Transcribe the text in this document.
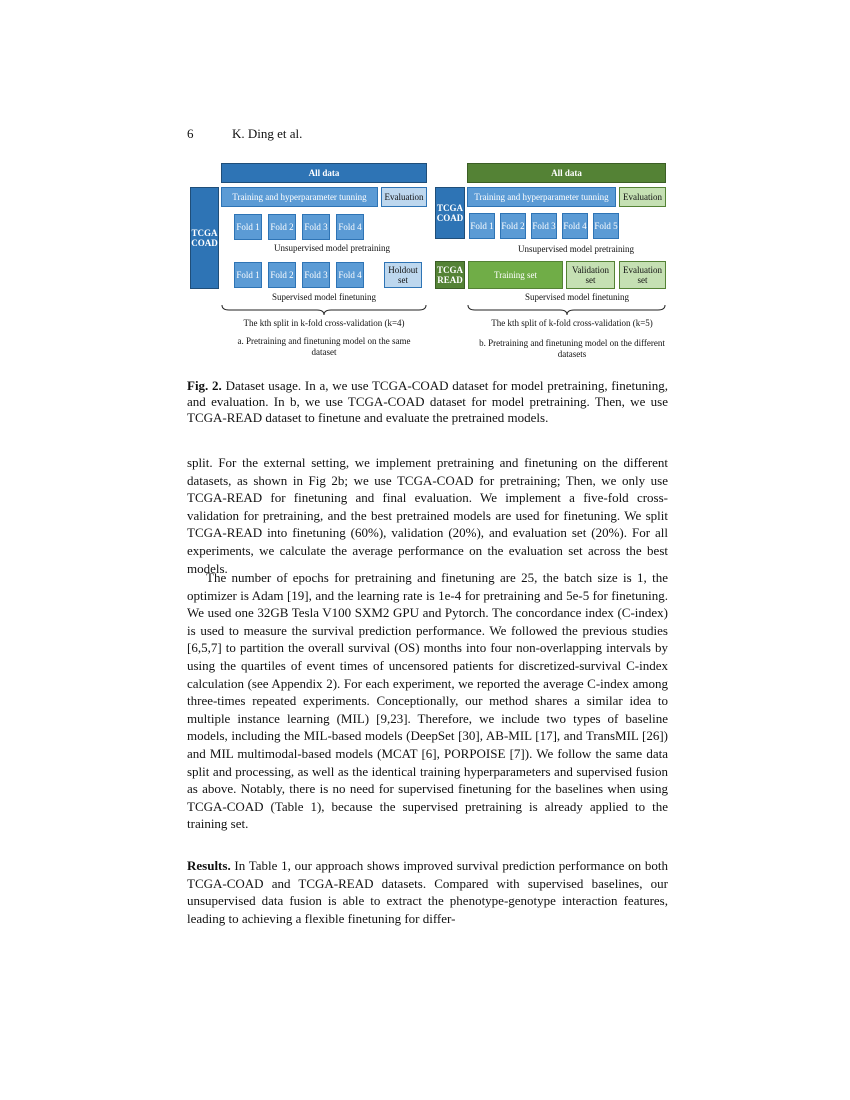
6	K. Ding et al.
All data
Training and hyperparameter tunning	Evaluation
TCGA COAD
Fold 1 Fold 2 Fold 3 Fold 4
Unsupervised model pretraining
Fold 1 Fold 2 Fold 3 Fold 4	Holdout set
Supervised model finetuning
The kth split in k-fold cross-validation (k=4)
a. Pretraining and finetuning model on the same dataset
All data
Training and hyperparameter tunning	Evaluation
TCGA COAD
Fold 1 Fold 2 Fold 3 Fold 4 Fold 5
Unsupervised model pretraining
TCGA READ	Training set	Validation set
Evaluation set
Supervised model finetuning
The kth split of k-fold cross-validation (k=5)
b. Pretraining and finetuning model on the different datasets
Fig. 2. Dataset usage. In a, we use TCGA-COAD dataset for model pretraining, finetuning, and evaluation. In b, we use TCGA-COAD dataset for model pretraining. Then, we use TCGA-READ dataset to finetune and evaluate the pretrained models.
split. For the external setting, we implement pretraining and finetuning on the different datasets, as shown in Fig 2b; we use TCGA-COAD for pretraining; Then, we only use TCGA-READ for finetuning and final evaluation. We implement a five-fold cross-validation for pretraining, and the best pretrained models are used for finetuning. We split TCGA-READ into finetuning (60%), validation (20%), and evaluation set (20%). For all experiments, we calculate the average performance on the evaluation set across the best models.
The number of epochs for pretraining and finetuning are 25, the batch size is 1, the optimizer is Adam [19], and the learning rate is 1e-4 for pretraining and 5e-5 for finetuning. We used one 32GB Tesla V100 SXM2 GPU and Pytorch. The concordance index (C-index) is used to measure the survival prediction performance. We followed the previous studies [6,5,7] to partition the overall survival (OS) months into four non-overlapping intervals by using the quartiles of event times of uncensored patients for discretized-survival C-index calculation (see Appendix 2). For each experiment, we reported the average C-index among three-times repeated experiments. Conceptionally, our method shares a similar idea to multiple instance learning (MIL) [9,23]. Therefore, we include two types of baseline models, including the MIL-based models (DeepSet [30], AB-MIL [17], and TransMIL [26]) and MIL multimodal-based models (MCAT [6], PORPOISE [7]). We follow the same data split and processing, as well as the identical training hyperparameters and supervised fusion as above. Notably, there is no need for supervised finetuning for the baselines when using TCGA-COAD (Table 1), because the supervised pretraining is already applied to the training set.
Results. In Table 1, our approach shows improved survival prediction performance on both TCGA-COAD and TCGA-READ datasets. Compared with supervised baselines, our unsupervised data fusion is able to extract the phenotype-genotype interaction features, leading to achieving a flexible finetuning for differ-
